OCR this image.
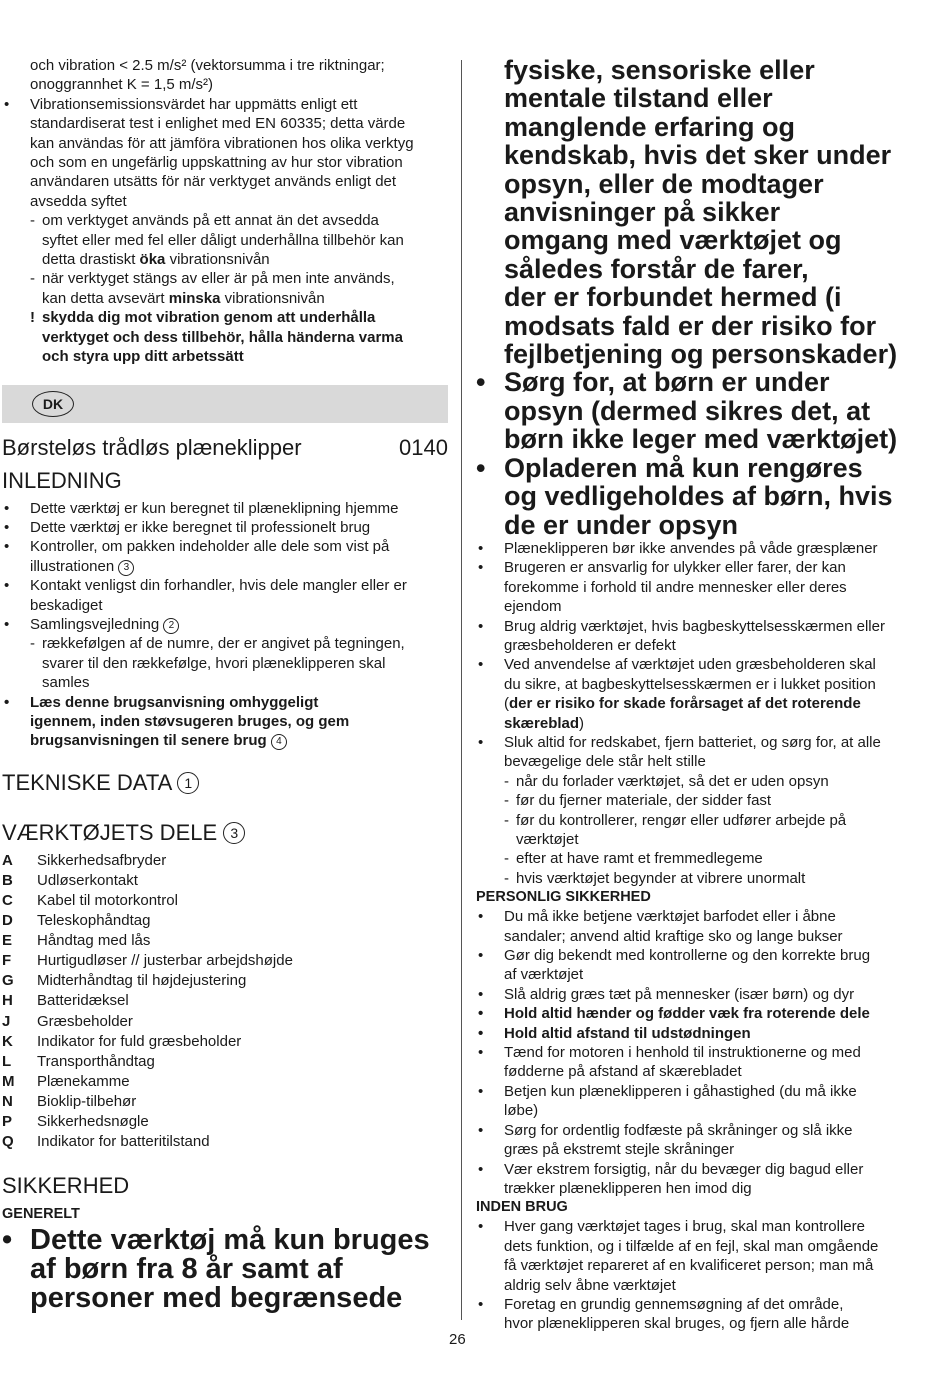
och vibration < 2.5 m/s² (vektorsumma i tre riktningar;
onoggrannhet K = 1,5 m/s²)
• Vibrationsemissionsvärdet har uppmätts enligt ett
standardiserat test i enlighet med EN 60335; detta värde
kan användas för att jämföra vibrationen hos olika verktyg
och som en ungefärlig uppskattning av hur stor vibration
användaren utsätts för när verktyget används enligt det
avsedda syftet
- om verktyget används på ett annat än det avsedda
syftet eller med fel eller dåligt underhållna tillbehör kan
detta drastiskt öka vibrationsnivån
- när verktyget stängs av eller är på men inte används,
kan detta avsevärt minska vibrationsnivån
! skydda dig mot vibration genom att underhålla
verktyget och dess tillbehör, hålla händerna varma
och styra upp ditt arbetssätt
DK
Børsteløs trådløs plæneklipper	0140
INLEDNING
• Dette værktøj er kun beregnet til plæneklipning hjemme
• Dette værktøj er ikke beregnet til professionelt brug
• Kontroller, om pakken indeholder alle dele som vist på
illustrationen 3
• Kontakt venligst din forhandler, hvis dele mangler eller er
beskadiget
• Samlingsvejledning 2
- rækkefølgen af de numre, der er angivet på tegningen,
svarer til den rækkefølge, hvori plæneklipperen skal
samles
• Læs denne brugsanvisning omhyggeligt
igennem, inden støvsugeren bruges, og gem
brugsanvisningen til senere brug 4
TEKNISKE DATA 1
VÆRKTØJETS DELE 3
A	Sikkerhedsafbryder
B	Udløserkontakt
C	Kabel til motorkontrol
D	Teleskophåndtag
E	Håndtag med lås
F	Hurtigudløser // justerbar arbejdshøjde
G	Midterhåndtag til højdejustering
H	Batteridæksel
J	Græsbeholder
K	Indikator for fuld græsbeholder
L	Transporthåndtag
M	Plænekamme
N	Bioklip-tilbehør
P	Sikkerhedsnøgle
Q	Indikator for batteritilstand
SIKKERHED
GENERELT
• Dette værktøj må kun bruges
af børn fra 8 år samt af
personer med begrænsede
fysiske, sensoriske eller
mentale tilstand eller
manglende erfaring og
kendskab, hvis det sker under
opsyn, eller de modtager
anvisninger på sikker
omgang med værktøjet og
således forstår de farer,
der er forbundet hermed (i
modsats fald er der risiko for
fejlbetjening og personskader)
• Sørg for, at børn er under
opsyn (dermed sikres det, at
børn ikke leger med værktøjet)
• Opladeren må kun rengøres
og vedligeholdes af børn, hvis
de er under opsyn
• Plæneklipperen bør ikke anvendes på våde græsplæner
• Brugeren er ansvarlig for ulykker eller farer, der kan
forekomme i forhold til andre mennesker eller deres
ejendom
• Brug aldrig værktøjet, hvis bagbeskyttelsesskærmen eller
græsbeholderen er defekt
• Ved anvendelse af værktøjet uden græsbeholderen skal
du sikre, at bagbeskyttelsesskærmen er i lukket position
(der er risiko for skade forårsaget af det roterende
skæreblad)
• Sluk altid for redskabet, fjern batteriet, og sørg for, at alle
bevægelige dele står helt stille
- når du forlader værktøjet, så det er uden opsyn
- før du fjerner materiale, der sidder fast
- før du kontrollerer, rengør eller udfører arbejde på
værktøjet
- efter at have ramt et fremmedlegeme
- hvis værktøjet begynder at vibrere unormalt
PERSONLIG SIKKERHED
• Du må ikke betjene værktøjet barfodet eller i åbne
sandaler; anvend altid kraftige sko og lange bukser
• Gør dig bekendt med kontrollerne og den korrekte brug
af værktøjet
• Slå aldrig græs tæt på mennesker (især børn) og dyr
• Hold altid hænder og fødder væk fra roterende dele
• Hold altid afstand til udstødningen
• Tænd for motoren i henhold til instruktionerne og med
fødderne på afstand af skærebladet
• Betjen kun plæneklipperen i gåhastighed (du må ikke
løbe)
• Sørg for ordentlig fodfæste på skråninger og slå ikke
græs på ekstremt stejle skråninger
• Vær ekstrem forsigtig, når du bevæger dig bagud eller
trækker plæneklipperen hen imod dig
INDEN BRUG
• Hver gang værktøjet tages i brug, skal man kontrollere
dets funktion, og i tilfælde af en fejl, skal man omgående
få værktøjet repareret af en kvalificeret person; man må
aldrig selv åbne værktøjet
• Foretag en grundig gennemsøgning af det område,
hvor plæneklipperen skal bruges, og fjern alle hårde
26
